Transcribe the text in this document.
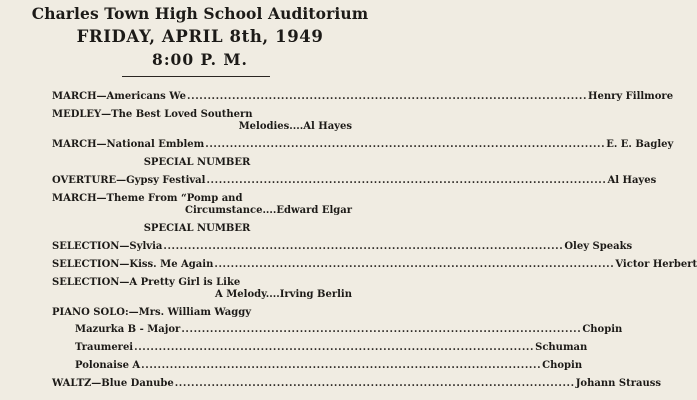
Charles Town High School Auditorium
FRIDAY, APRIL 8th, 1949
8:00 P. M.
MARCH—Americans We .................................................................................................. Henry Fillmore
MEDLEY—The Best Loved Southern
Melodies....Al Hayes
MARCH—National Emblem .................................................................................................. E. E. Bagley
SPECIAL NUMBER
OVERTURE—Gypsy Festival .................................................................................................. Al Hayes
MARCH—Theme From “Pomp and
Circumstance....Edward Elgar
SPECIAL NUMBER
SELECTION—Sylvia .................................................................................................. Oley Speaks
SELECTION—Kiss. Me Again .................................................................................................. Victor Herbert
SELECTION—A Pretty Girl is Like
A Melody....Irving Berlin
PIANO SOLO:—Mrs. William Waggy
Mazurka B - Major .................................................................................................. Chopin
Traumerei .................................................................................................. Schuman
Polonaise A .................................................................................................. Chopin
WALTZ—Blue Danube .................................................................................................. Johann Strauss
